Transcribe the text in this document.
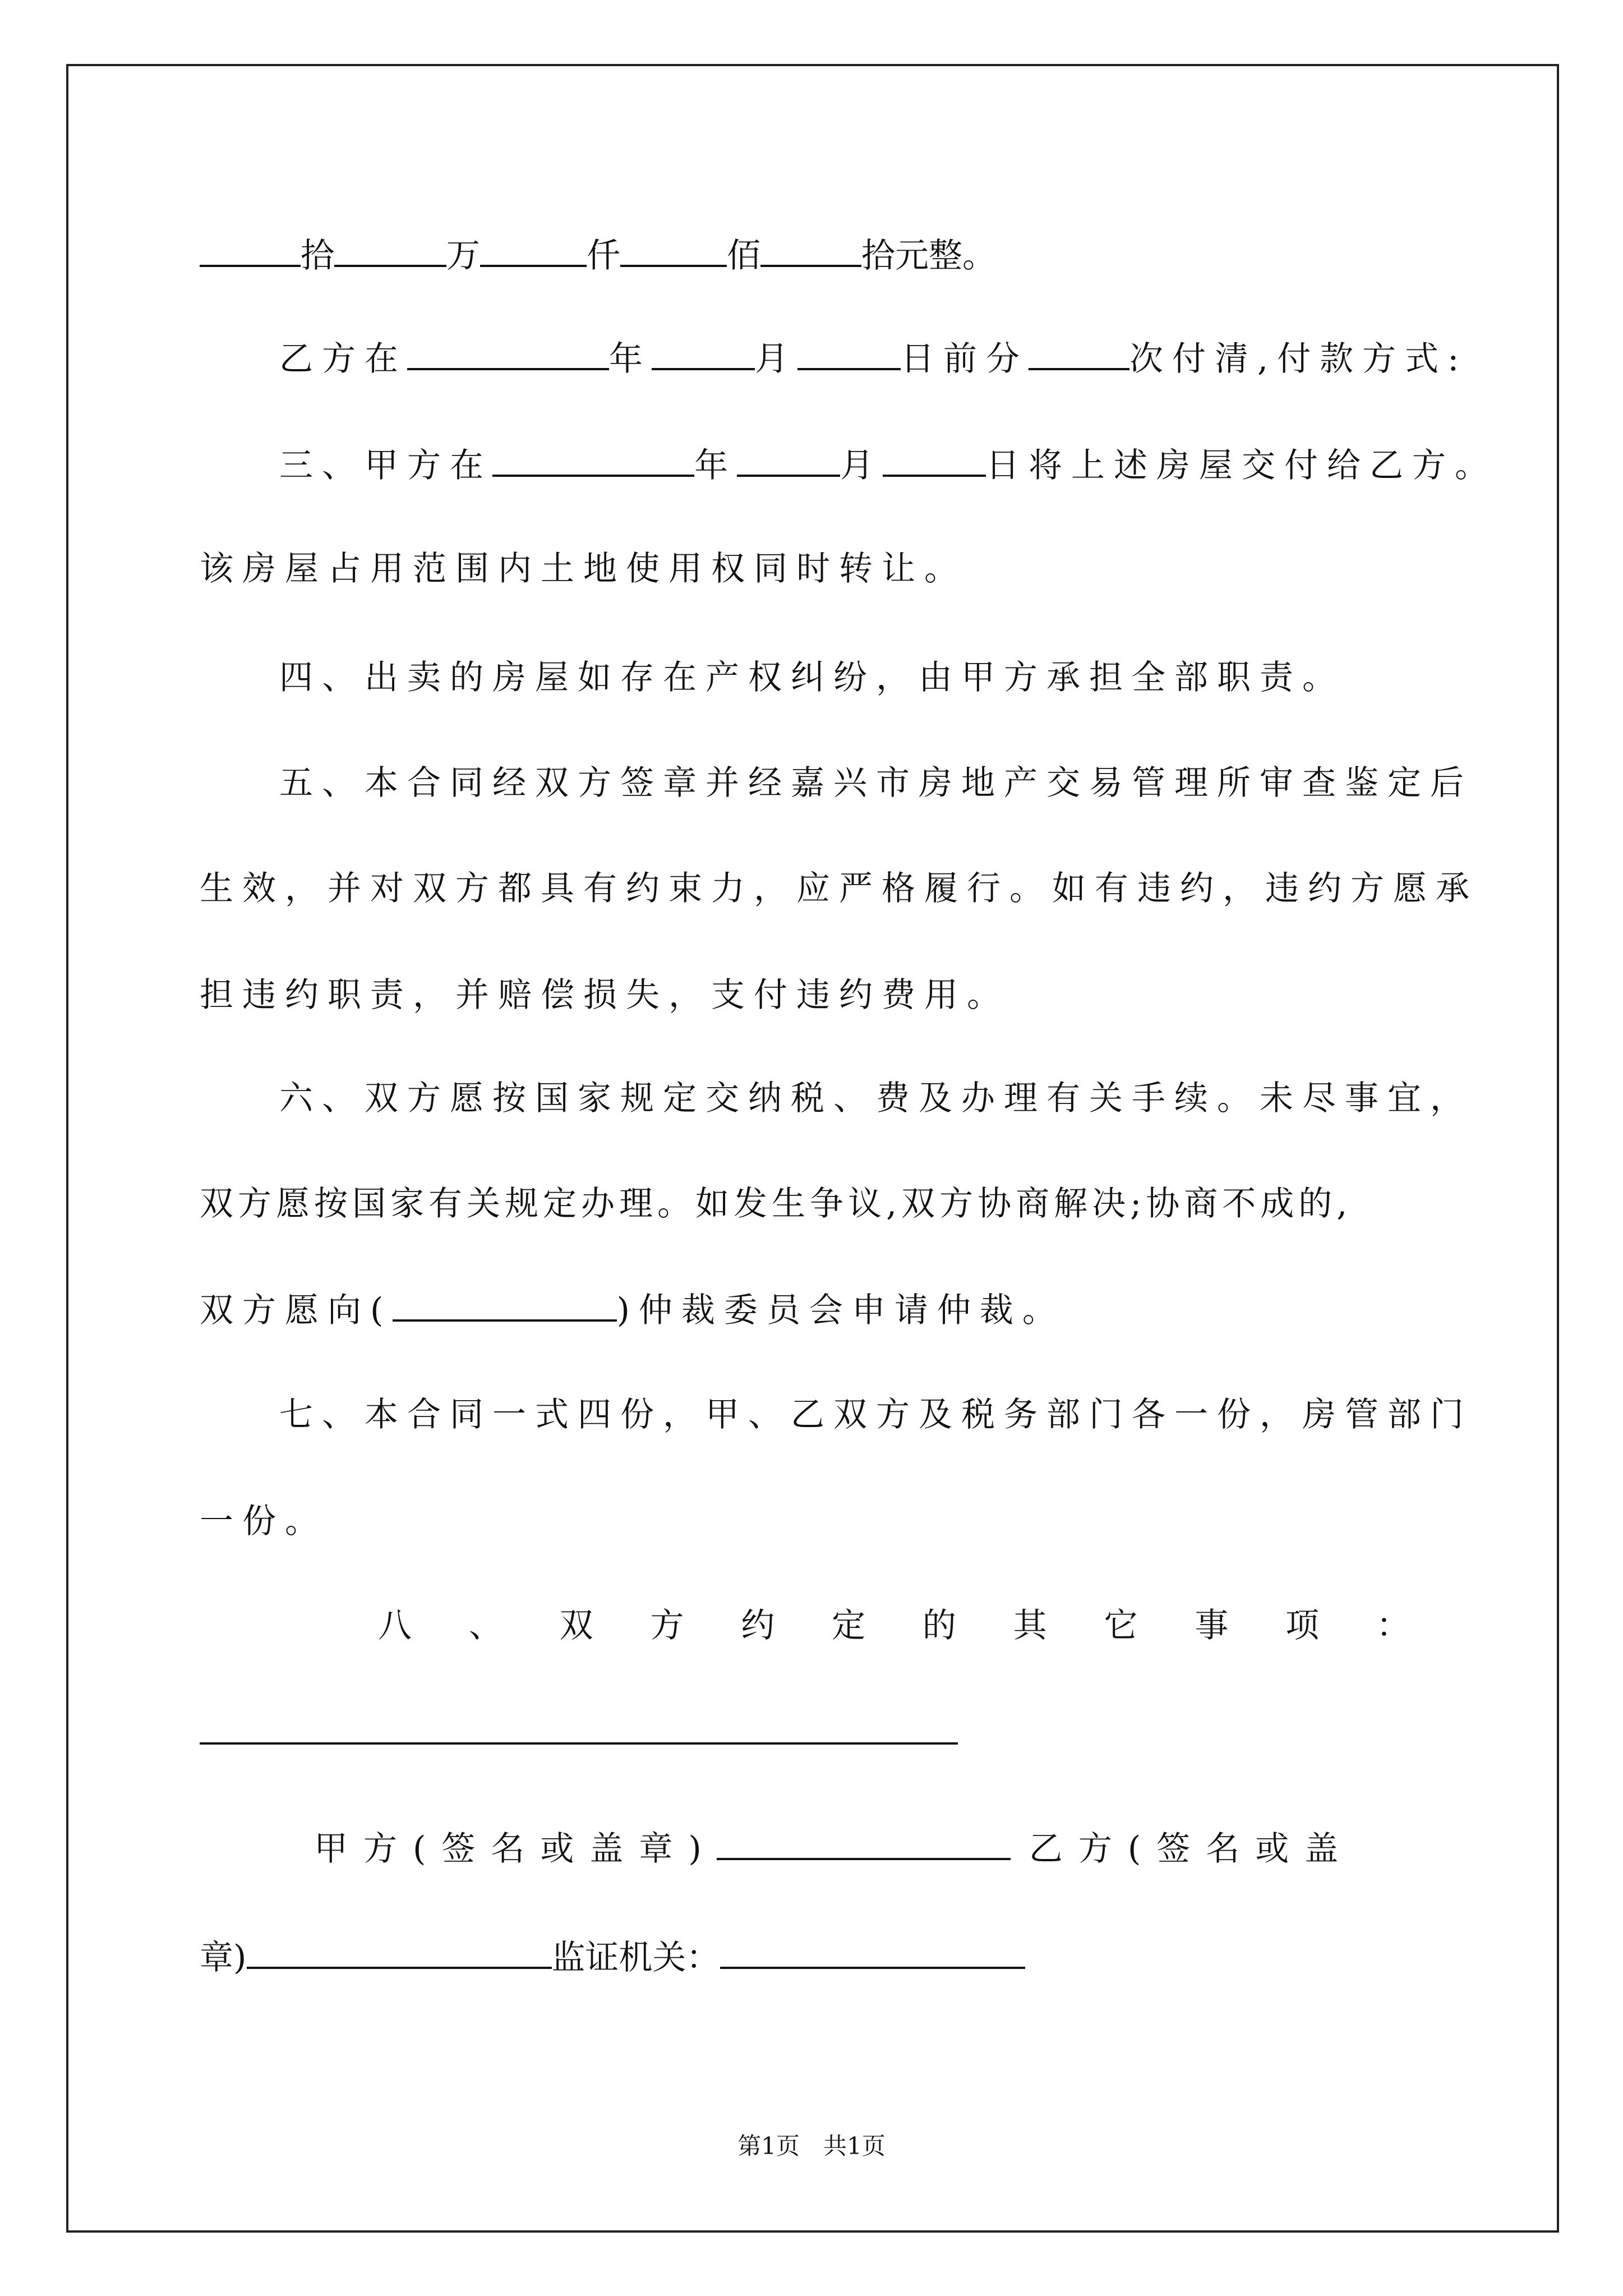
拾	万	仟	佰	拾元整。
乙方在	年	月	日前分	次付清,付款方式:
三、甲方在	年	月	日将上述房屋交付给乙方。
该房屋占用范围内土地使用权同时转让。
四、出卖的房屋如存在产权纠纷，由甲方承担全部职责。
五、本合同经双方签章并经嘉兴市房地产交易管理所审查鉴定后
生效，并对双方都具有约束力，应严格履行。如有违约，违约方愿承
担违约职责，并赔偿损失，支付违约费用。
六、双方愿按国家规定交纳税、费及办理有关手续。未尽事宜，
双方愿按国家有关规定办理。如发生争议,双方协商解决;协商不成的,
双方愿向(	)仲裁委员会申请仲裁。
七、本合同一式四份，甲、乙双方及税务部门各一份，房管部门
一份。
八	、	双	方	约	定	的	其	它	事	项	：
甲方(签名或盖章)	乙方(签名或盖
章)	监证机关：
第1页　共1页
